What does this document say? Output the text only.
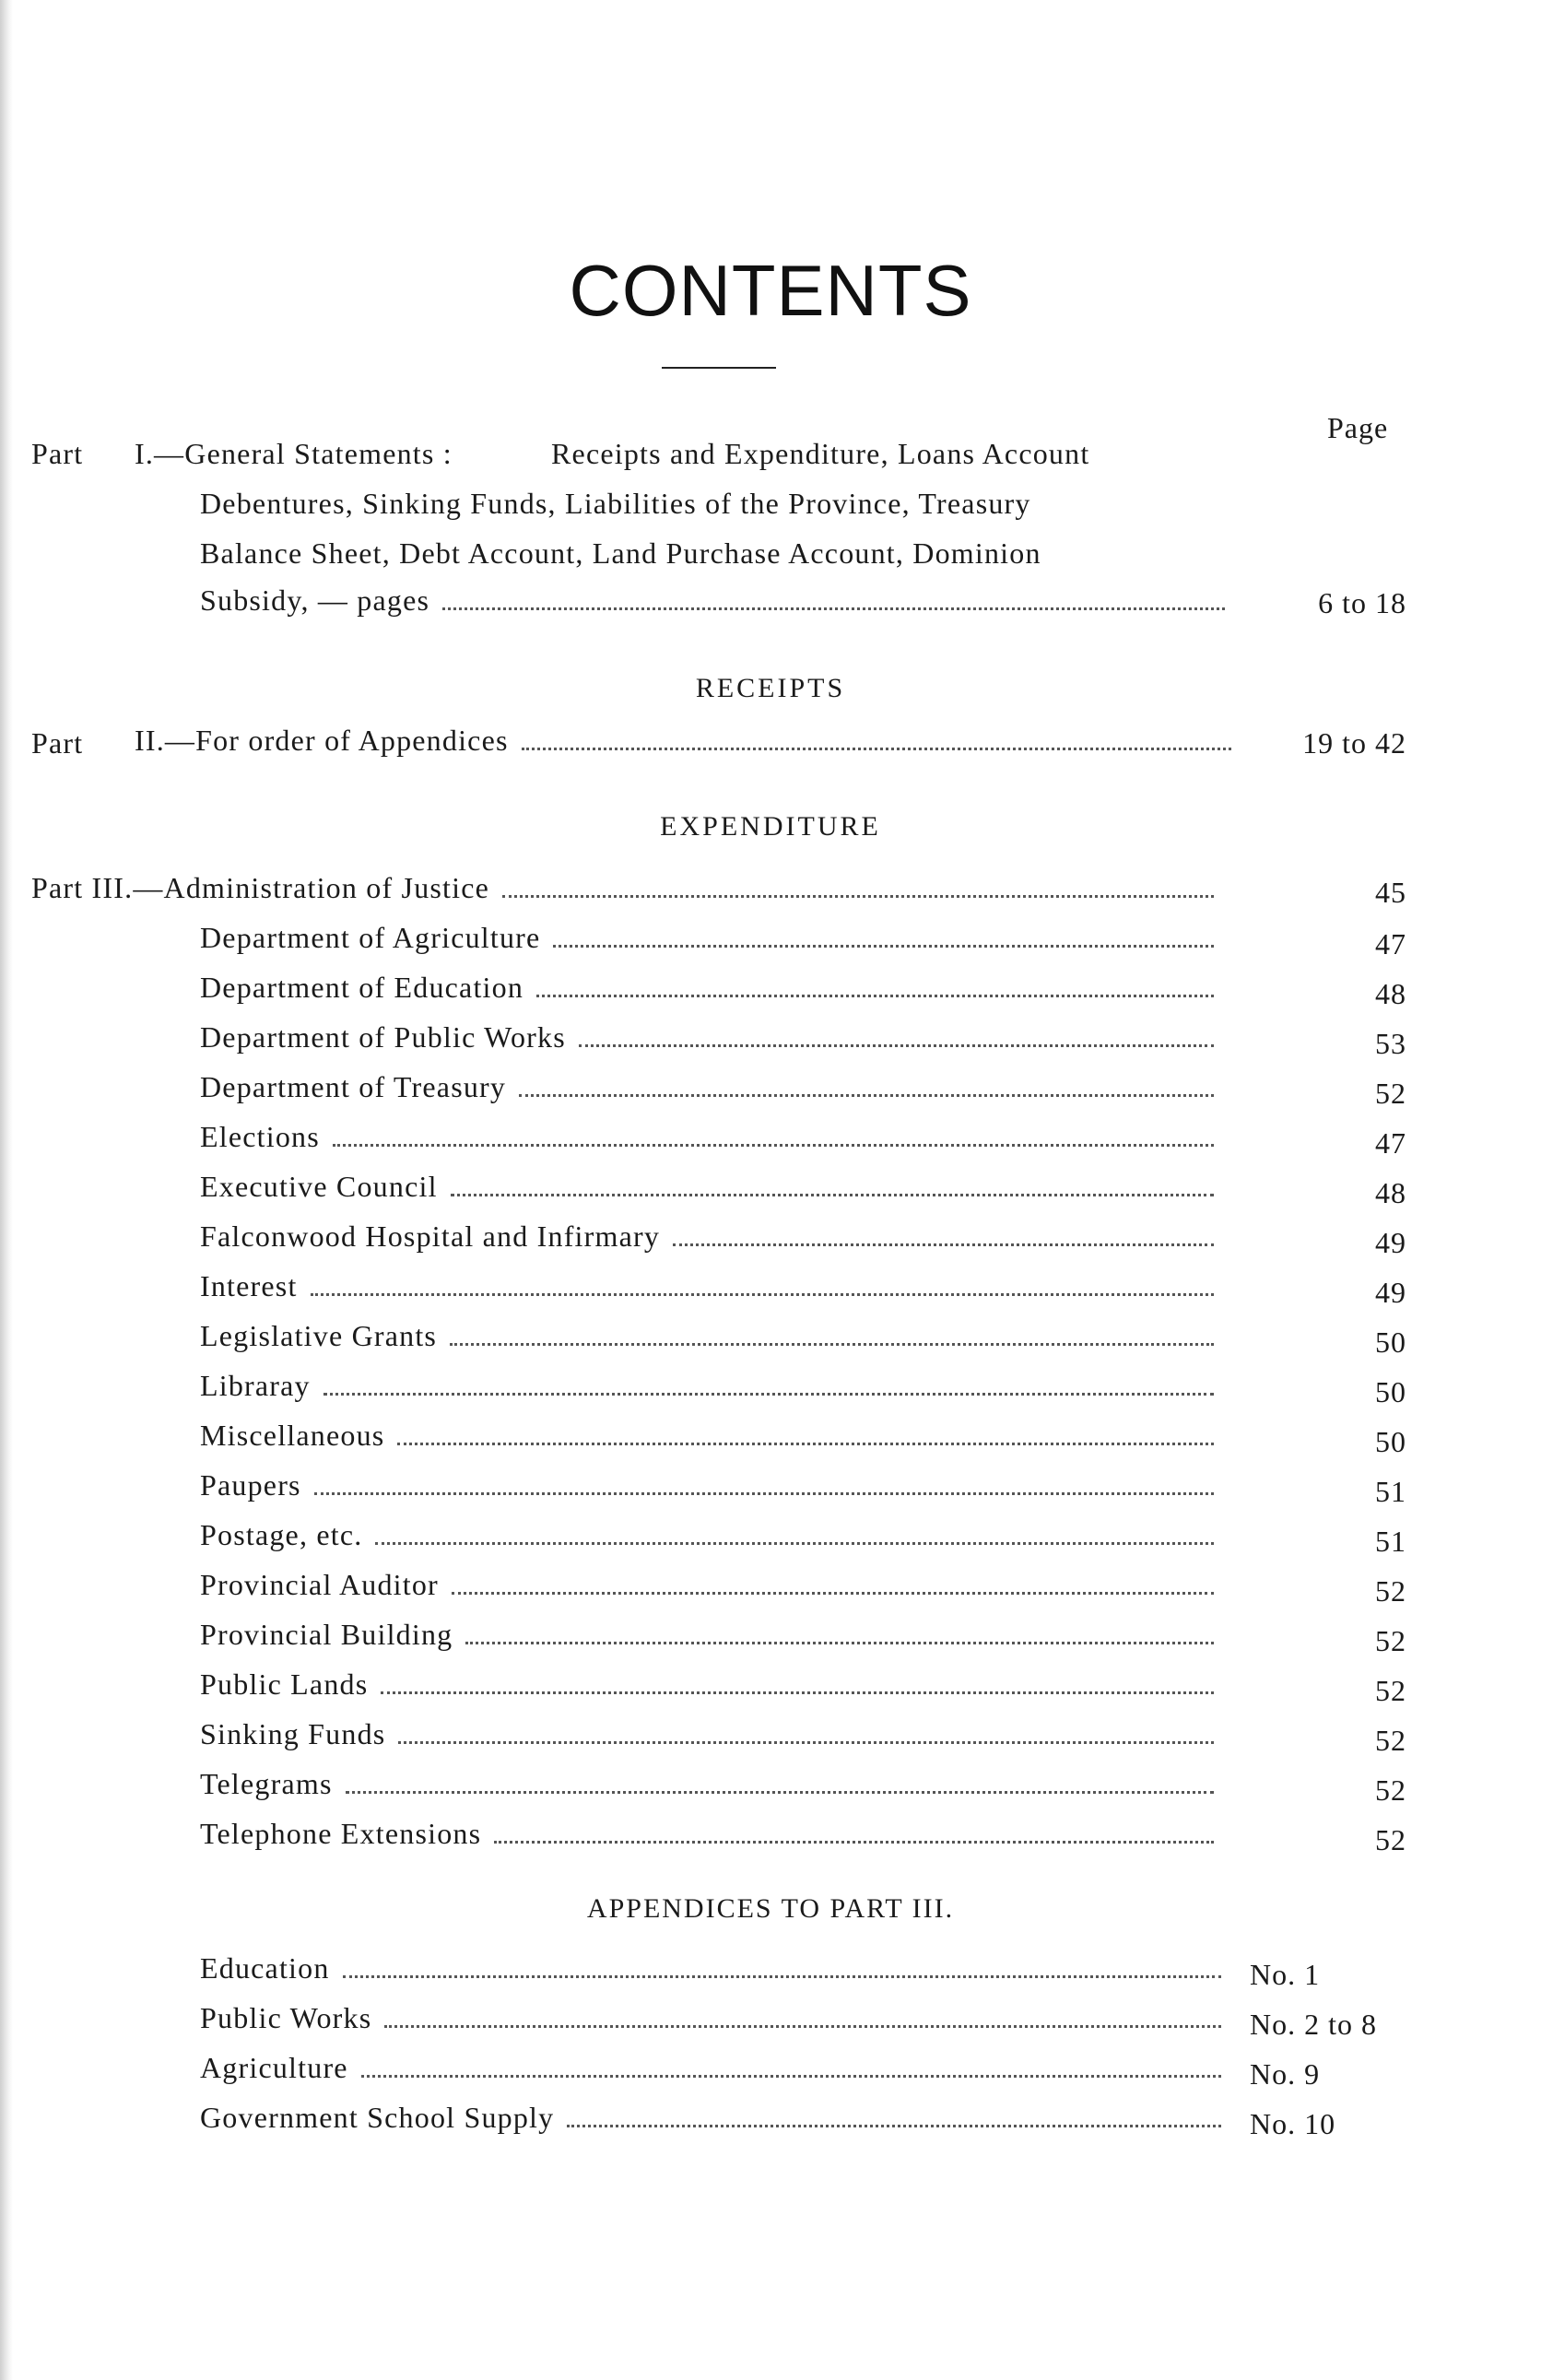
CONTENTS
Page
Part I.—General Statements :	Receipts and Expenditure, Loans Account
Debentures, Sinking Funds, Liabilities of the Province, Treasury
Balance Sheet, Debt Account, Land Purchase Account, Dominion
Subsidy, — pages	6 to 18
RECEIPTS
Part II.—For order of Appendices	19 to 42
EXPENDITURE
Part III.—Administration of Justice	45
Department of Agriculture	47
Department of Education	48
Department of Public Works	53
Department of Treasury	52
Elections	47
Executive Council	48
Falconwood Hospital and Infirmary	49
Interest	49
Legislative Grants	50
Libraray	50
Miscellaneous	50
Paupers	51
Postage, etc.	51
Provincial Auditor	52
Provincial Building	52
Public Lands	52
Sinking Funds	52
Telegrams	52
Telephone Extensions	52
APPENDICES TO PART III.
Education	No. 1
Public Works	No. 2 to 8
Agriculture	No. 9
Government School Supply	No. 10
